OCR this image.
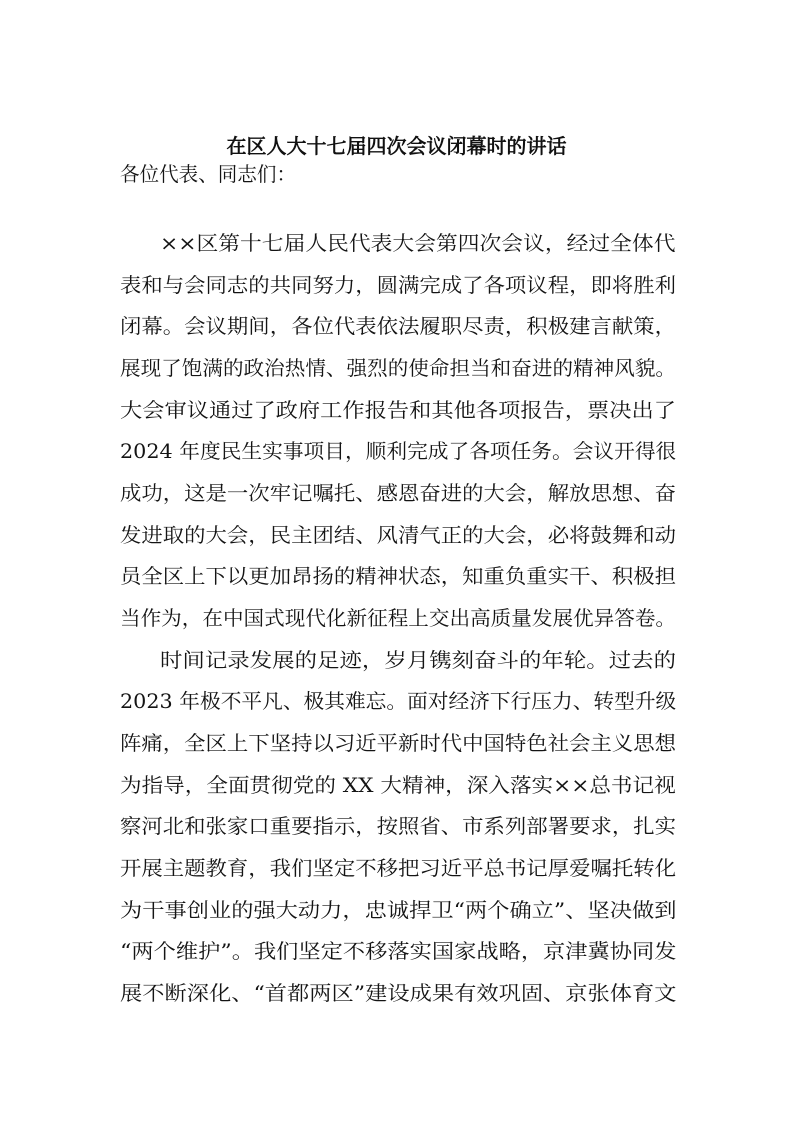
在区人大十七届四次会议闭幕时的讲话
各位代表、同志们：
××区第十七届人民代表大会第四次会议，经过全体代
表和与会同志的共同努力，圆满完成了各项议程，即将胜利
闭幕。会议期间，各位代表依法履职尽责，积极建言献策，
展现了饱满的政治热情、强烈的使命担当和奋进的精神风貌。
大会审议通过了政府工作报告和其他各项报告，票决出了
2024 年度民生实事项目，顺利完成了各项任务。会议开得很
成功，这是一次牢记嘱托、感恩奋进的大会，解放思想、奋
发进取的大会，民主团结、风清气正的大会，必将鼓舞和动
员全区上下以更加昂扬的精神状态，知重负重实干、积极担
当作为，在中国式现代化新征程上交出高质量发展优异答卷。
时间记录发展的足迹，岁月镌刻奋斗的年轮。过去的
2023 年极不平凡、极其难忘。面对经济下行压力、转型升级
阵痛，全区上下坚持以习近平新时代中国特色社会主义思想
为指导，全面贯彻党的 XX 大精神，深入落实××总书记视
察河北和张家口重要指示，按照省、市系列部署要求，扎实
开展主题教育，我们坚定不移把习近平总书记厚爱嘱托转化
为干事创业的强大动力，忠诚捍卫“两个确立”、坚决做到
“两个维护”。我们坚定不移落实国家战略，京津冀协同发
展不断深化、“首都两区”建设成果有效巩固、京张体育文
